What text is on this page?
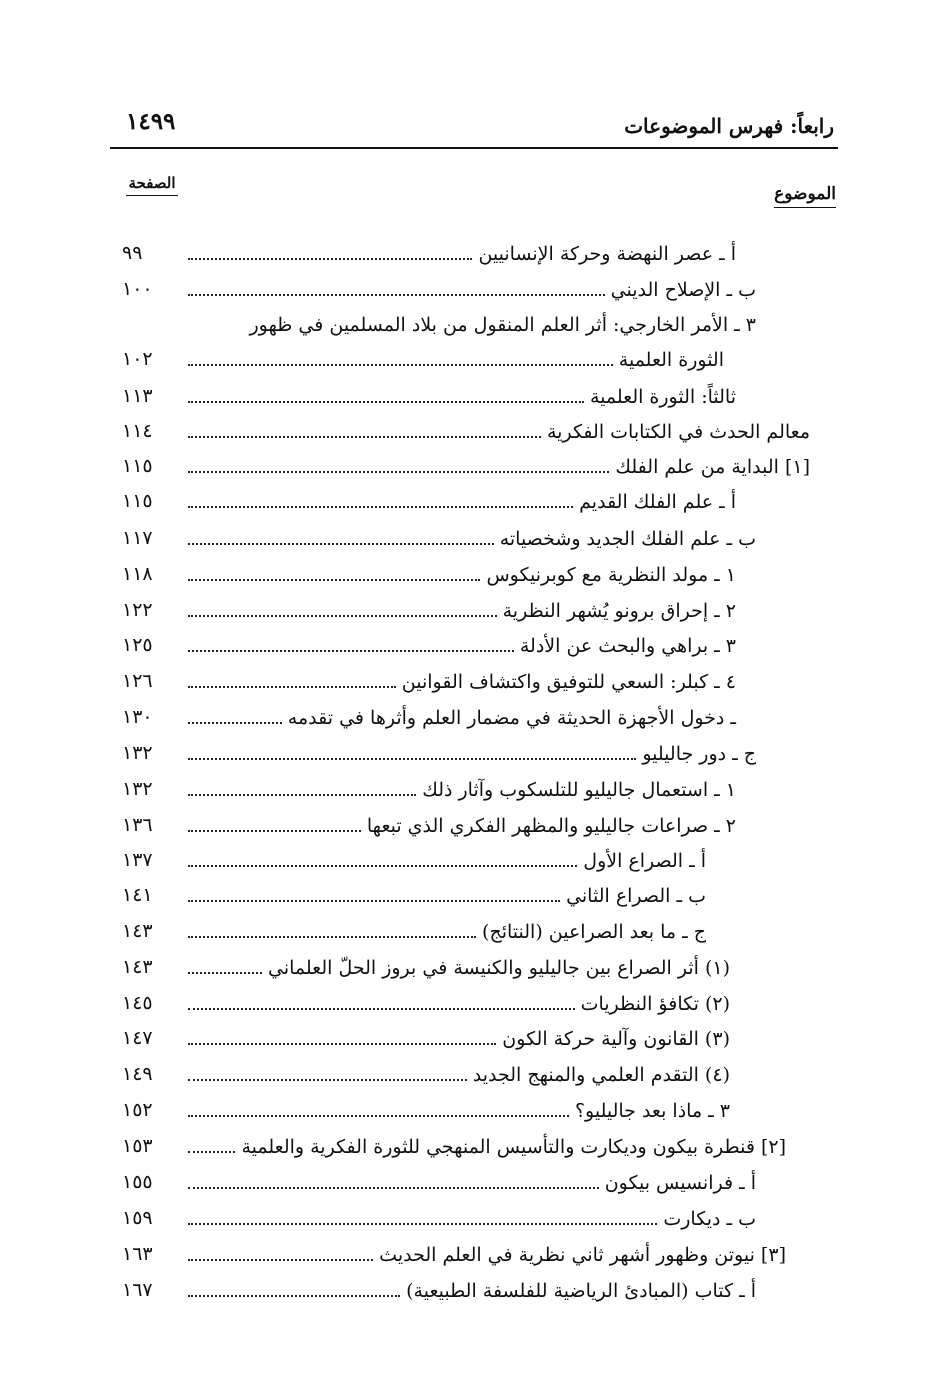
رابعاً: فهرس الموضوعات
١٤٩٩
الموضوع
الصفحة
٩٩	أ ـ عصر النهضة وحركة الإنسانيين
١٠٠	ب ـ الإصلاح الديني
٣ ـ الأمر الخارجي: أثر العلم المنقول من بلاد المسلمين في ظهور
١٠٢	الثورة العلمية
١١٣	ثالثاً: الثورة العلمية
١١٤	معالم الحدث في الكتابات الفكرية
١١٥	[١] البداية من علم الفلك
١١٥	أ ـ علم الفلك القديم
١١٧	ب ـ علم الفلك الجديد وشخصياته
١١٨	١ ـ مولد النظرية مع كوبرنيكوس
١٢٢	٢ ـ إحراق برونو يُشهر النظرية
١٢٥	٣ ـ براهي والبحث عن الأدلة
١٢٦	٤ ـ كبلر: السعي للتوفيق واكتشاف القوانين
١٣٠	ـ دخول الأجهزة الحديثة في مضمار العلم وأثرها في تقدمه
١٣٢	ج ـ دور جاليليو
١٣٢	١ ـ استعمال جاليليو للتلسكوب وآثار ذلك
١٣٦	٢ ـ صراعات جاليليو والمظهر الفكري الذي تبعها
١٣٧	أ ـ الصراع الأول
١٤١	ب ـ الصراع الثاني
١٤٣	ج ـ ما بعد الصراعين (النتائج)
١٤٣	(١) أثر الصراع بين جاليليو والكنيسة في بروز الحلّ العلماني
١٤٥	(٢) تكافؤ النظريات
١٤٧	(٣) القانون وآلية حركة الكون
١٤٩	(٤) التقدم العلمي والمنهج الجديد
١٥٢	٣ ـ ماذا بعد جاليليو؟
١٥٣	[٢] قنطرة بيكون وديكارت والتأسيس المنهجي للثورة الفكرية والعلمية
١٥٥	أ ـ فرانسيس بيكون
١٥٩	ب ـ ديكارت
١٦٣	[٣] نيوتن وظهور أشهر ثاني نظرية في العلم الحديث
١٦٧	أ ـ كتاب (المبادئ الرياضية للفلسفة الطبيعية)
